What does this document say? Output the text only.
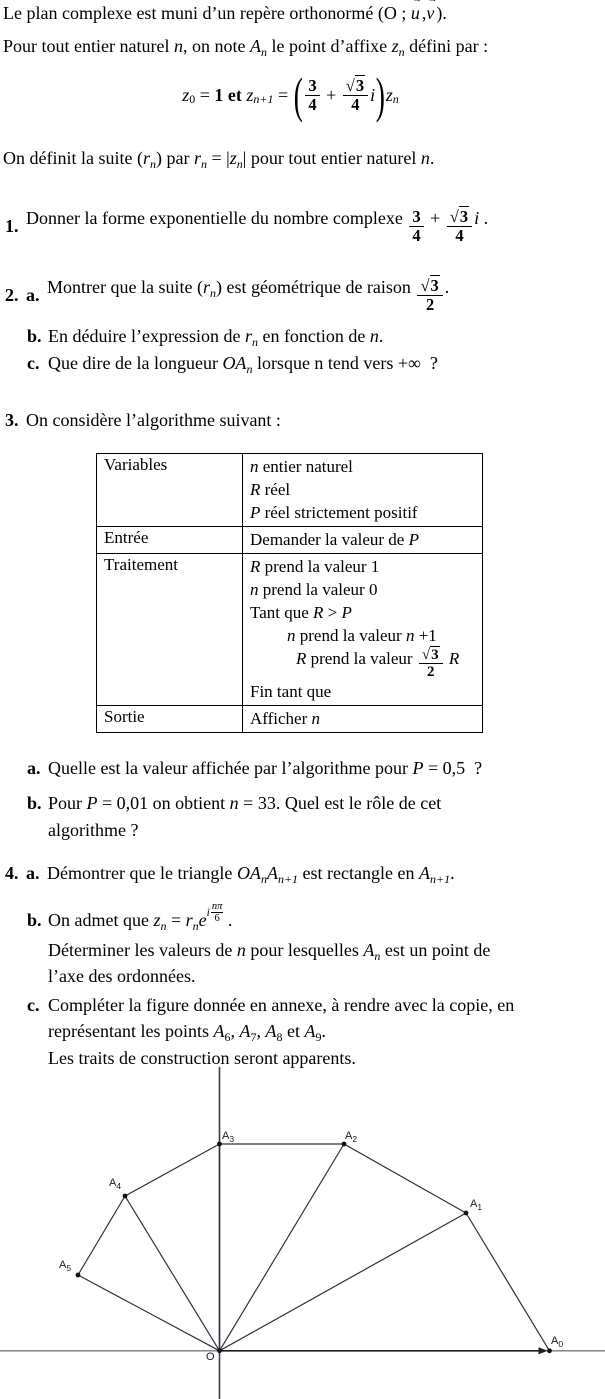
Le plan complexe est muni d’un repère orthonormé ( O ; u , v ) .
Pour tout entier naturel n , on note A n le point d’affixe z n défini par :
z 0 = 1 et z n+1 = ( $\frac{3}{4} + \frac{√3}{4}$ i ) z n
On définit la suite ( r n ) par r n = | z n | pour tout entier naturel n .
1. Donner la forme exponentielle du nombre complexe $\frac{3}{4} + \frac{√3}{4}$ i .
2. a. Montrer que la suite ( r n ) est géométrique de raison $\frac{√3}{2}$ .
b. En déduire l’expression de r n en fonction de n .
c. Que dire de la longueur OA n lorsque n tend vers +∞  ?
3. On considère l’algorithme suivant :
Variables	n entier naturel
R réel
P réel strictement positif

Entrée	Demander la valeur de P

Traitement	R prend la valeur 1
n prend la valeur 0
Tant que R > P
n prend la valeur n +1
R prend la valeur $\frac{√3}{2}$
R
Fin tant que

Sortie	Afficher n
a. Quelle est la valeur affichée par l’algorithme pour P = 0,5  ?
b. Pour P = 0,01 on obtient n = 33. Quel est le rôle de cet
algorithme ?
4. a. Démontrer que le triangle OA n A n+1 est rectangle en A n+1 .
b. On admet que z n = r n e i
nπ
6 .
Déterminer les valeurs de n pour lesquelles A n est un point de
l’axe des ordonnées.
c. Compléter la figure donnée en annexe, à rendre avec la copie, en
représentant les points A 6 , A 7 , A 8 et A 9 .
Les traits de construction seront apparents.
O
$A_0$
$A_1$
$A_2$
$A_3$
$A_4$
$A_5$
